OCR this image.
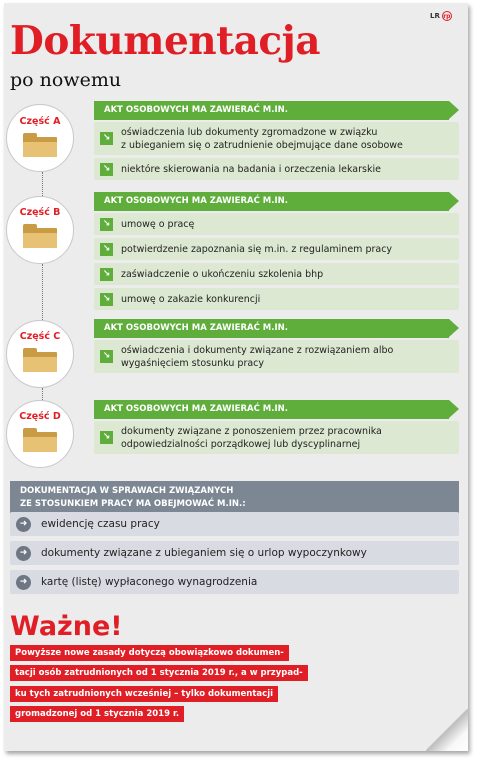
LR rp
Dokumentacja
po nowemu
Część A
AKT OSOBOWYCH MA ZAWIERAĆ M.IN.
↘
oświadczenia lub dokumenty zgromadzone w związku
z ubieganiem się o zatrudnienie obejmujące dane osobowe
↘ niektóre skierowania na badania i orzeczenia lekarskie
Część B
AKT OSOBOWYCH MA ZAWIERAĆ M.IN.
↘ umowę o pracę
↘ potwierdzenie zapoznania się m.in. z regulaminem pracy
↘ zaświadczenie o ukończeniu szkolenia bhp
↘ umowę o zakazie konkurencji
Część C
AKT OSOBOWYCH MA ZAWIERAĆ M.IN.
↘
oświadczenia i dokumenty związane z rozwiązaniem albo
wygaśnięciem stosunku pracy
Część D
AKT OSOBOWYCH MA ZAWIERAĆ M.IN.
↘
dokumenty związane z ponoszeniem przez pracownika
odpowiedzialności porządkowej lub dyscyplinarnej
DOKUMENTACJA W SPRAWACH ZWIĄZANYCH
ZE STOSUNKIEM PRACY MA OBEJMOWAĆ M.IN.:
➜	ewidencję czasu pracy
➜	dokumenty związane z ubieganiem się o urlop wypoczynkowy
➜	kartę (listę) wypłaconego wynagrodzenia
Ważne!
Powyższe nowe zasady dotyczą obowiązkowo dokumen-
tacji osób zatrudnionych od 1 stycznia 2019 r., a w przypad-
ku tych zatrudnionych wcześniej – tylko dokumentacji
gromadzonej od 1 stycznia 2019 r.
